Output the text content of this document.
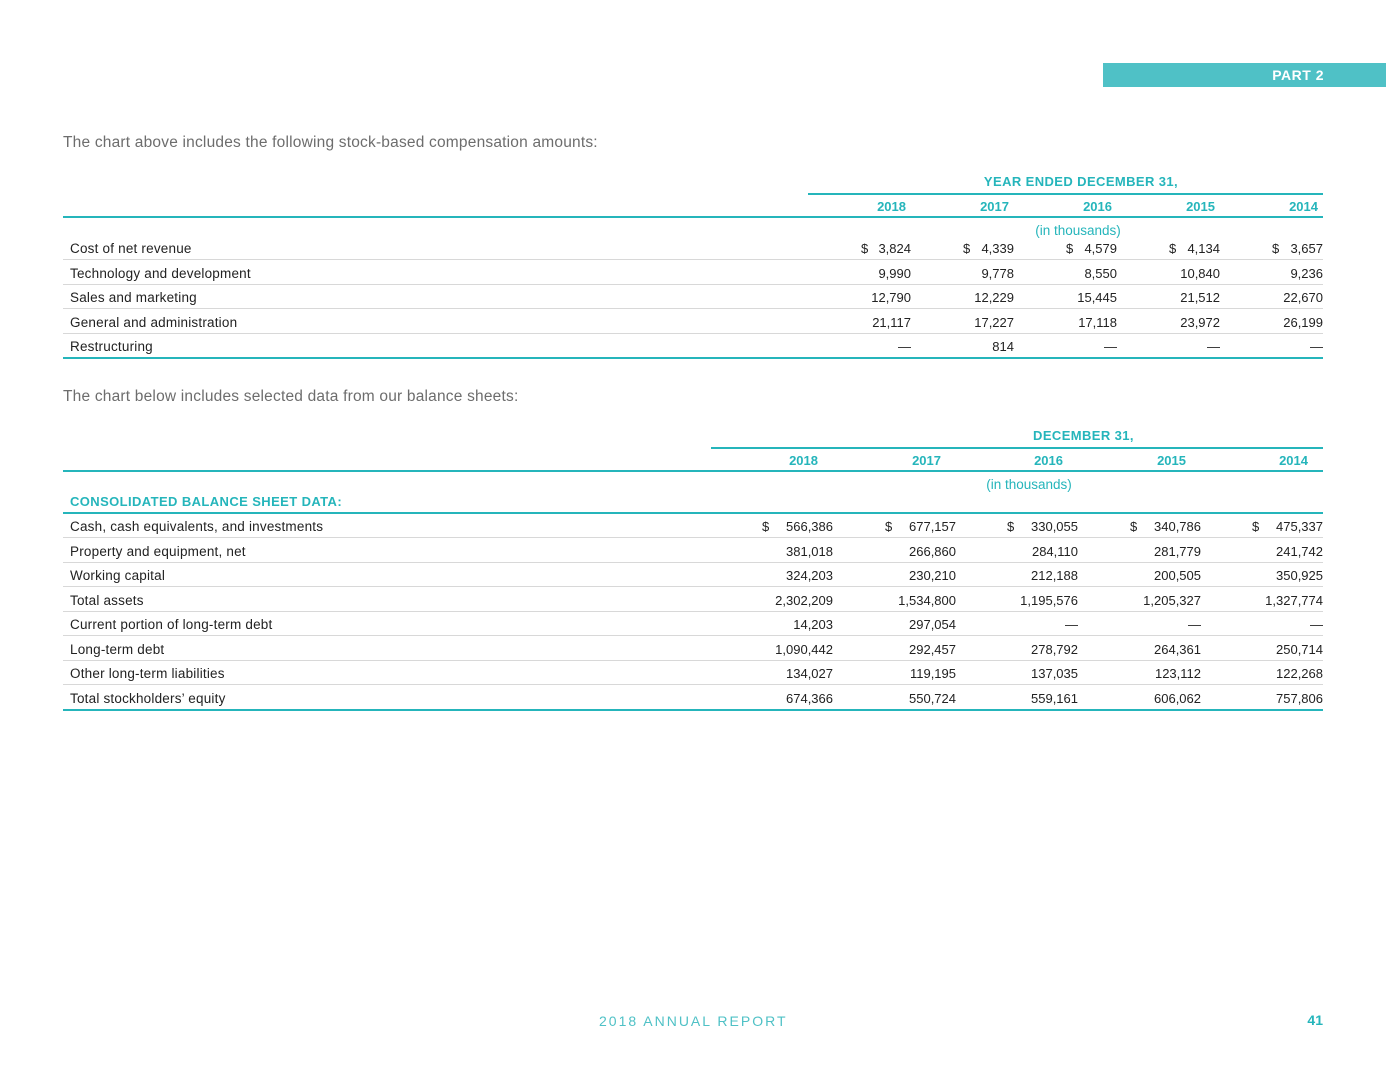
PART 2
The chart above includes the following stock-based compensation amounts:
YEAR ENDED DECEMBER 31,
2018	2017	2016	2015	2014
(in thousands)
Cost of net revenue	$ 3,824	$ 4,339	$ 4,579	$ 4,134	$ 3,657
Technology and development	9,990	9,778	8,550	10,840	9,236
Sales and marketing	12,790	12,229	15,445	21,512	22,670
General and administration	21,117	17,227	17,118	23,972	26,199
Restructuring	—	814	—	—	—
The chart below includes selected data from our balance sheets:
DECEMBER 31,
2018	2017	2016	2015	2014
(in thousands)
CONSOLIDATED BALANCE SHEET DATA:
Cash, cash equivalents, and investments	$	566,386	$	677,157	$	330,055	$	340,786	$	475,337
Property and equipment, net	381,018	266,860	284,110	281,779	241,742
Working capital	324,203	230,210	212,188	200,505	350,925
Total assets	2,302,209	1,534,800	1,195,576	1,205,327	1,327,774
Current portion of long-term debt	14,203	297,054	—	—	—
Long-term debt	1,090,442	292,457	278,792	264,361	250,714
Other long-term liabilities	134,027	119,195	137,035	123,112	122,268
Total stockholders’ equity	674,366	550,724	559,161	606,062	757,806
2018 ANNUAL REPORT	41
